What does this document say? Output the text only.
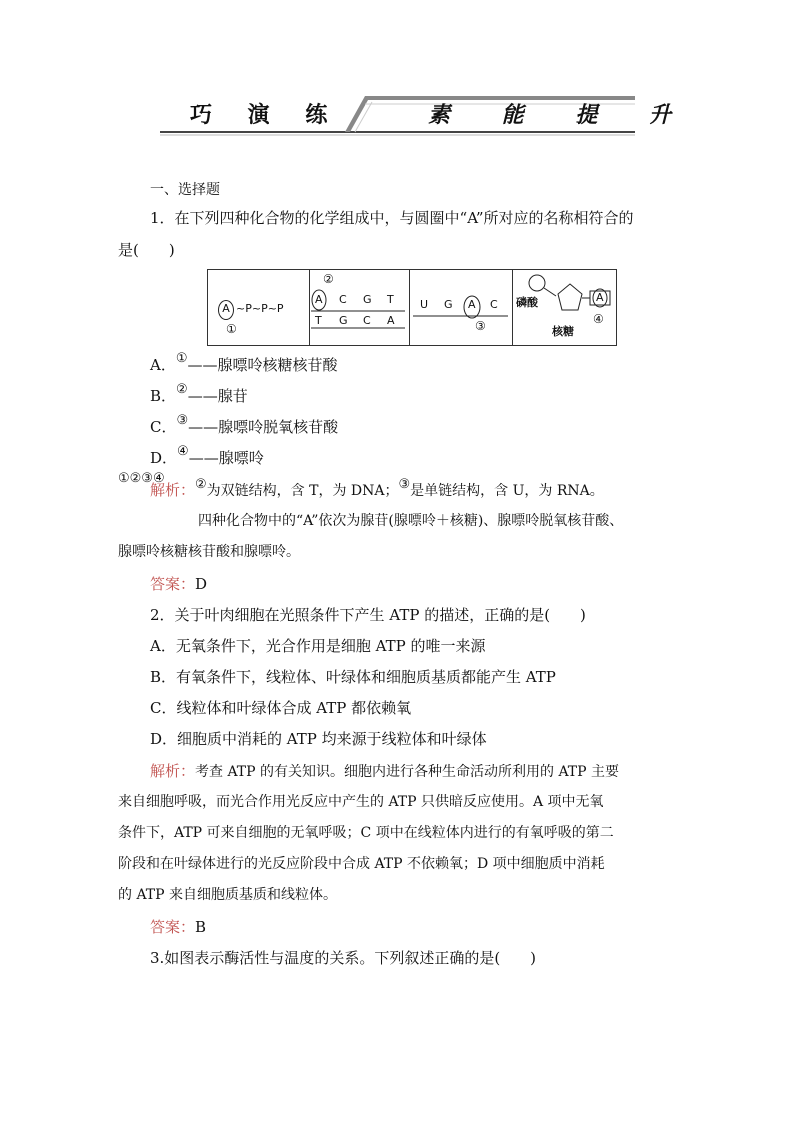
巧 演 练	素 能 提 升
一、选择题
1．在下列四种化合物的化学组成中，与圆圈中“A”所对应的名称相符合的
是(　　)
A ~P~P~P
①
②
A C G T
T G C A
U G A C
③
磷酸
核糖
A
④
A．①——腺嘌呤核糖核苷酸
B．②——腺苷
C．③——腺嘌呤脱氧核苷酸
D．④——腺嘌呤
①②③④
解析：②为双链结构，含 T，为 DNA；③是单链结构，含 U，为 RNA。
四种化合物中的“A”依次为腺苷(腺嘌呤＋核糖)、腺嘌呤脱氧核苷酸、
腺嘌呤核糖核苷酸和腺嘌呤。
答案：D
2．关于叶肉细胞在光照条件下产生 ATP 的描述，正确的是(　　)
A．无氧条件下，光合作用是细胞 ATP 的唯一来源
B．有氧条件下，线粒体、叶绿体和细胞质基质都能产生 ATP
C．线粒体和叶绿体合成 ATP 都依赖氧
D．细胞质中消耗的 ATP 均来源于线粒体和叶绿体
解析：考查 ATP 的有关知识。细胞内进行各种生命活动所利用的 ATP 主要
来自细胞呼吸，而光合作用光反应中产生的 ATP 只供暗反应使用。A 项中无氧
条件下，ATP 可来自细胞的无氧呼吸；C 项中在线粒体内进行的有氧呼吸的第二
阶段和在叶绿体进行的光反应阶段中合成 ATP 不依赖氧；D 项中细胞质中消耗
的 ATP 来自细胞质基质和线粒体。
答案：B
3.如图表示酶活性与温度的关系。下列叙述正确的是(　　)
